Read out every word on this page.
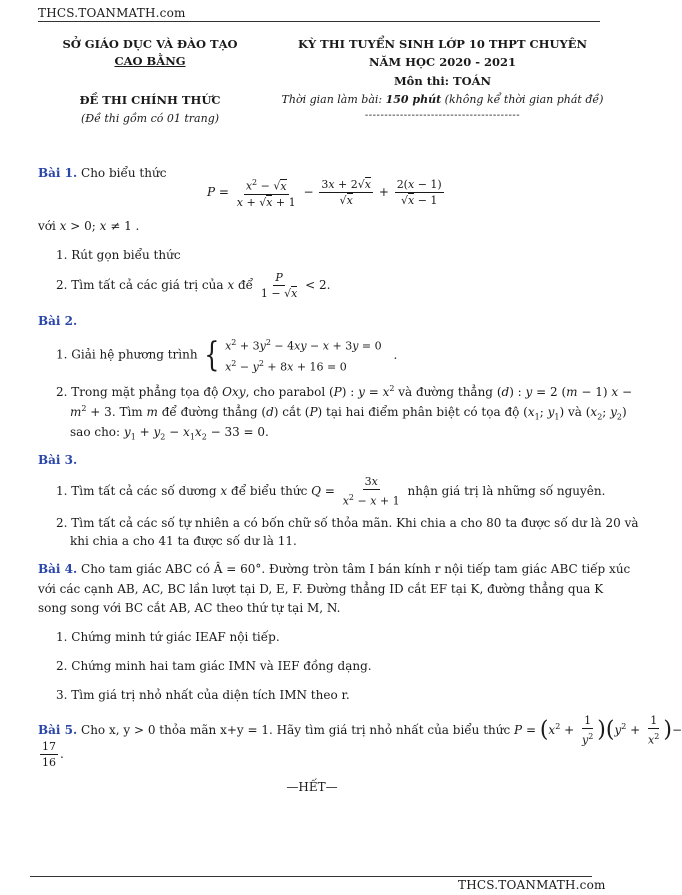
THCS.TOANMATH.com
SỞ GIÁO DỤC VÀ ĐÀO TẠO
CAO BẰNG
ĐỀ THI CHÍNH THỨC
(Đề thi gồm có 01 trang)
KỲ THI TUYỂN SINH LỚP 10 THPT CHUYÊN
NĂM HỌC 2020 - 2021
Môn thi: TOÁN
Thời gian làm bài: 150 phút (không kể thời gian phát đề)
----------------------------------------
Bài 1. Cho biểu thức
$P = \frac{x^2 - √x}{x + √x + 1} - \frac{3x + 2√x}{√x} + \frac{2(x - 1)}{√x - 1}$
với x > 0; x ≠ 1 .
1. Rút gọn biểu thức
2. Tìm tất cả các giá trị của x để $\frac{P}{1 - √x} < 2$.
Bài 2.
1. Giải hệ phương trình { $x^2 + 3y^2 - 4xy - x + 3y = 0$
$x^2 - y^2 + 8x + 16 = 0$
.
2. Trong mặt phẳng tọa độ Oxy, cho parabol (P) : $y = x^2$ và đường thẳng (d) : y = 2 (m − 1) x −
$m^2 + 3$. Tìm m để đường thẳng (d) cắt (P) tại hai điểm phân biệt có tọa độ ($x_1$; $y_1$) và ($x_2$; $y_2$)
sao cho: $y_1 + y_2 - x_1x_2 - 33 = 0$.
Bài 3.
1. Tìm tất cả các số dương x để biểu thức $Q = \frac{3x}{x^2 - x + 1}$ nhận giá trị là những số nguyên.
2. Tìm tất cả các số tự nhiên a có bốn chữ số thỏa mãn. Khi chia a cho 80 ta được số dư là 20 và
khi chia a cho 41 ta được số dư là 11.
Bài 4. Cho tam giác ABC có Â = 60°. Đường tròn tâm I bán kính r nội tiếp tam giác ABC tiếp xúc
với các cạnh AB, AC, BC lần lượt tại D, E, F. Đường thẳng ID cắt EF tại K, đường thẳng qua K
song song với BC cắt AB, AC theo thứ tự tại M, N.
1. Chứng minh tứ giác IEAF nội tiếp.
2. Chứng minh hai tam giác IMN và IEF đồng dạng.
3. Tìm giá trị nhỏ nhất của diện tích IMN theo r.
Bài 5. Cho x, y > 0 thỏa mãn x+y = 1. Hãy tìm giá trị nhỏ nhất của biểu thức $P = (x^2 + \frac{1}{y^2} )(y^2 + \frac{1}{x^2}$ )−
$\frac{17}{16}$ .
—HẾT—
THCS.TOANMATH.com
